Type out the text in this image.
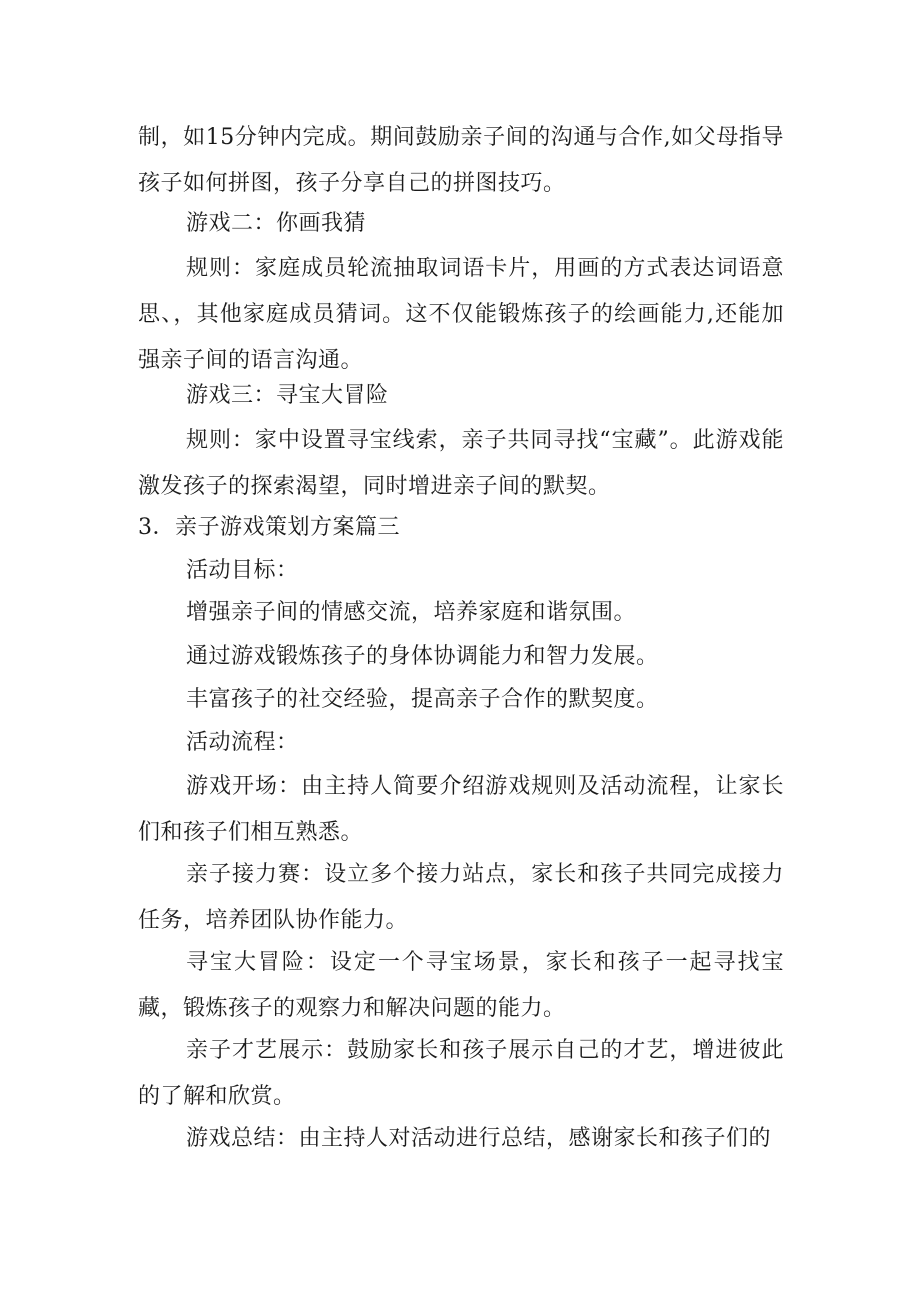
制，如15分钟内完成。期间鼓励亲子间的沟通与合作,如父母指导孩子如何拼图，孩子分享自己的拼图技巧。

游戏二：你画我猜

规则：家庭成员轮流抽取词语卡片，用画的方式表达词语意思、，其他家庭成员猜词。这不仅能锻炼孩子的绘画能力,还能加强亲子间的语言沟通。

游戏三：寻宝大冒险

规则：家中设置寻宝线索，亲子共同寻找“宝藏”。此游戏能激发孩子的探索渴望，同时增进亲子间的默契。

3．亲子游戏策划方案篇三

活动目标：

增强亲子间的情感交流，培养家庭和谐氛围。

通过游戏锻炼孩子的身体协调能力和智力发展。

丰富孩子的社交经验，提高亲子合作的默契度。

活动流程：

游戏开场：由主持人简要介绍游戏规则及活动流程，让家长们和孩子们相互熟悉。

亲子接力赛：设立多个接力站点，家长和孩子共同完成接力任务，培养团队协作能力。

寻宝大冒险：设定一个寻宝场景，家长和孩子一起寻找宝藏，锻炼孩子的观察力和解决问题的能力。

亲子才艺展示：鼓励家长和孩子展示自己的才艺，增进彼此的了解和欣赏。

游戏总结：由主持人对活动进行总结，感谢家长和孩子们的
